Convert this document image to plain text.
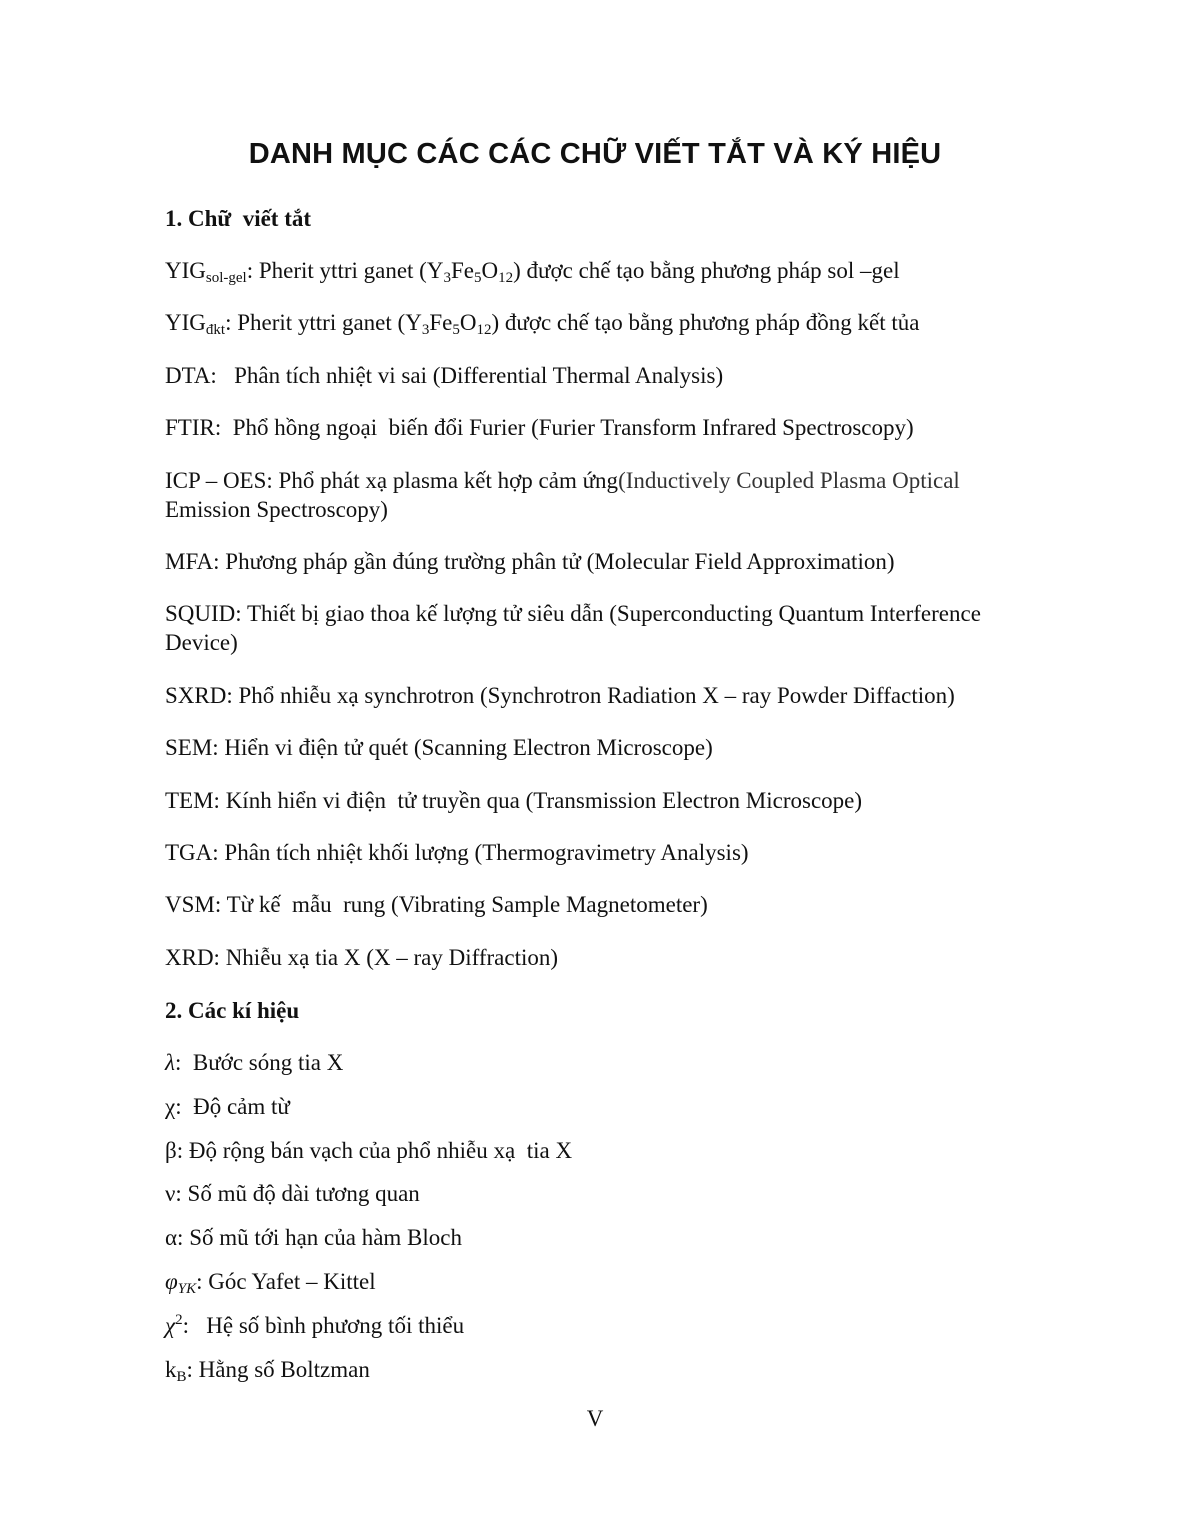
DANH MỤC CÁC CÁC CHỮ VIẾT TẮT VÀ KÝ HIỆU
1. Chữ  viết tắt
$YIG_{sol-gel}$: Pherit yttri ganet $(Y_3Fe_5O_{12})$ được chế tạo bằng phương pháp sol –gel
$YIG_{đkt}$: Pherit yttri ganet $(Y_3Fe_5O_{12})$ được chế tạo bằng phương pháp đồng kết tủa
DTA:   Phân tích nhiệt vi sai (Differential Thermal Analysis)
FTIR:  Phổ hồng ngoại  biến đổi Furier (Furier Transform Infrared Spectroscopy)
ICP – OES: Phổ phát xạ plasma kết hợp cảm ứng(Inductively Coupled Plasma Optical
Emission Spectroscopy)
MFA: Phương pháp gần đúng trường phân tử (Molecular Field Approximation)
SQUID: Thiết bị giao thoa kế lượng tử siêu dẫn (Superconducting Quantum Interference
Device)
SXRD: Phổ nhiễu xạ synchrotron (Synchrotron Radiation X – ray Powder Diffaction)
SEM: Hiển vi điện tử quét (Scanning Electron Microscope)
TEM: Kính hiển vi điện  tử truyền qua (Transmission Electron Microscope)
TGA: Phân tích nhiệt khối lượng (Thermogravimetry Analysis)
VSM: Từ kế  mẫu  rung (Vibrating Sample Magnetometer)
XRD: Nhiễu xạ tia X (X – ray Diffraction)
2. Các kí hiệu
λ:  Bước sóng tia X
χ:  Độ cảm từ
β: Độ rộng bán vạch của phổ nhiễu xạ  tia X
ν: Số mũ độ dài tương quan
α: Số mũ tới hạn của hàm Bloch
$\varphi_{YK}$: Góc Yafet – Kittel
$\chi^2$:   Hệ số bình phương tối thiểu
$k_B$: Hằng số Boltzman
V
